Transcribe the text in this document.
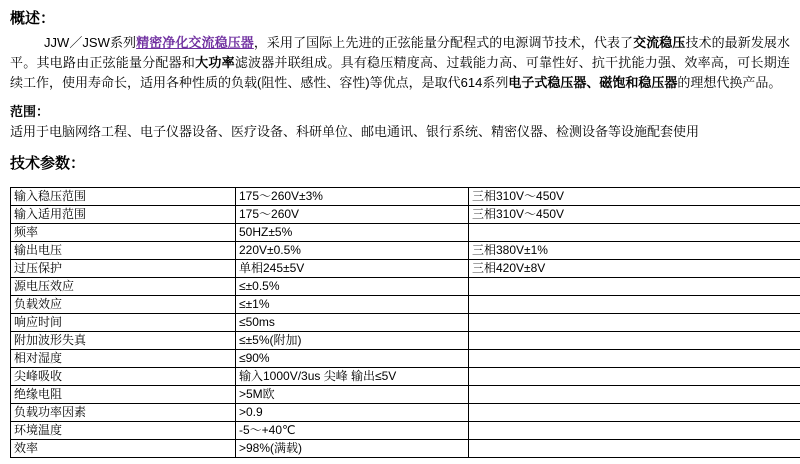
概述：
JJW／JSW系列精密净化交流稳压器，采用了国际上先进的正弦能量分配程式的电源调节技术，代表了交流稳压技术的最新发展水平。其电路由正弦能量分配器和大功率滤波器并联组成。具有稳压精度高、过载能力高、可靠性好、抗干扰能力强、效率高，可长期连续工作，使用寿命长，适用各种性质的负载(阻性、感性、容性)等优点，是取代614系列电子式稳压器、磁饱和稳压器的理想代换产品。
范围：
适用于电脑网络工程、电子仪器设备、医疗设备、科研单位、邮电通讯、银行系统、精密仪器、检测设备等设施配套使用
技术参数：
输入稳压范围	175～260V±3%	三相310V～450V
输入适用范围	175～260V	三相310V～450V
频率	50HZ±5%	
输出电压	220V±0.5%	三相380V±1%
过压保护	单相245±5V	三相420V±8V
源电压效应	≤±0.5%	
负载效应	≤±1%	
响应时间	≤50ms	
附加波形失真	≤±5%(附加)	
相对湿度	≤90%	
尖峰吸收	输入1000V/3us 尖峰 输出≤5V	
绝缘电阻	>5M欧	
负载功率因素	>0.9	
环境温度	-5～+40℃	
效率	>98%(满载)	
